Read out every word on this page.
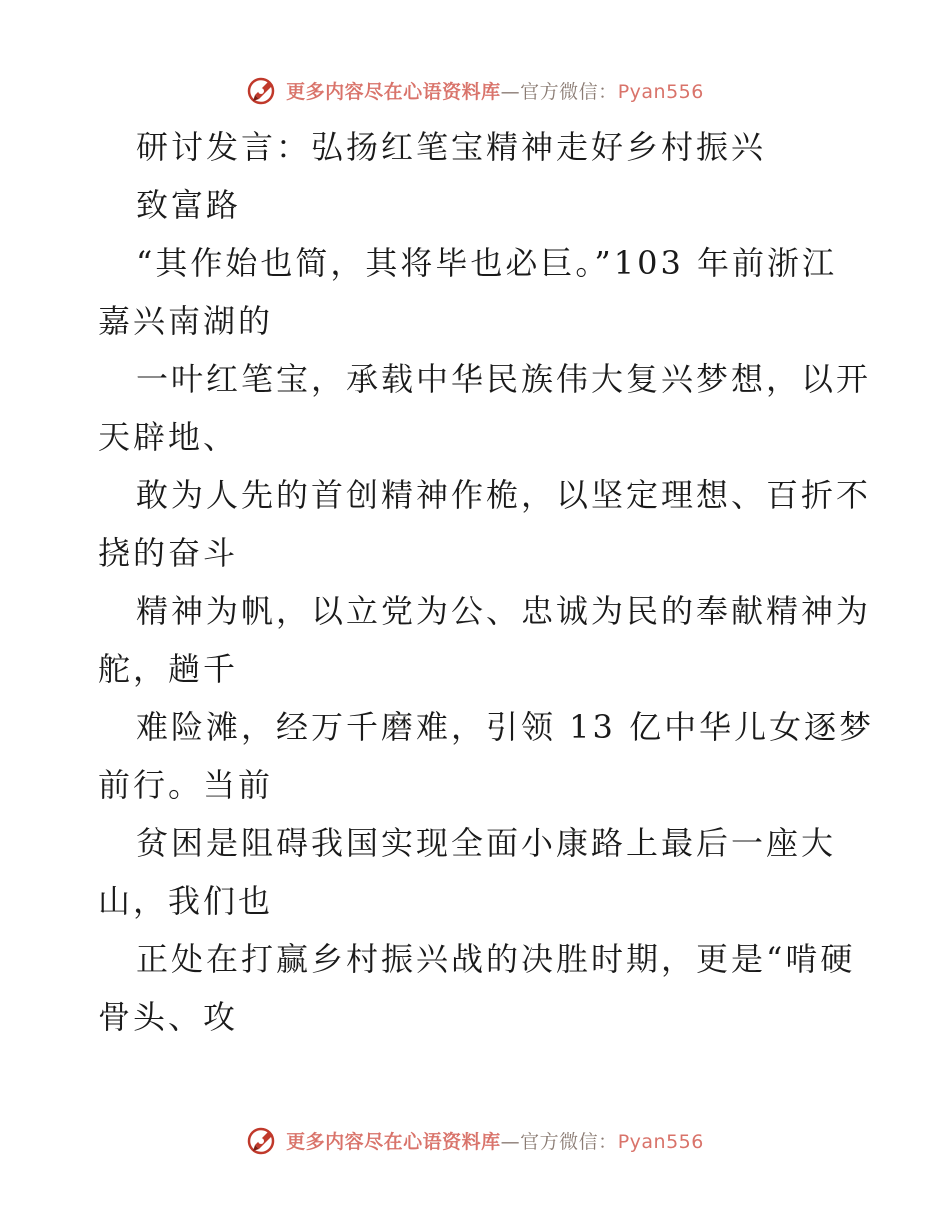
更多内容尽在心语资料库—官方微信：Pyan556
研讨发言：弘扬红笔宝精神走好乡村振兴
致富路
“其作始也简，其将毕也必巨。”103 年前浙江
嘉兴南湖的
一叶红笔宝，承载中华民族伟大复兴梦想，以开
天辟地、
敢为人先的首创精神作桅，以坚定理想、百折不
挠的奋斗
精神为帆，以立党为公、忠诚为民的奉献精神为
舵，趟千
难险滩，经万千磨难，引领 13 亿中华儿女逐梦
前行。当前
贫困是阻碍我国实现全面小康路上最后一座大
山，我们也
正处在打赢乡村振兴战的决胜时期，更是“啃硬
骨头、攻
更多内容尽在心语资料库—官方微信：Pyan556
